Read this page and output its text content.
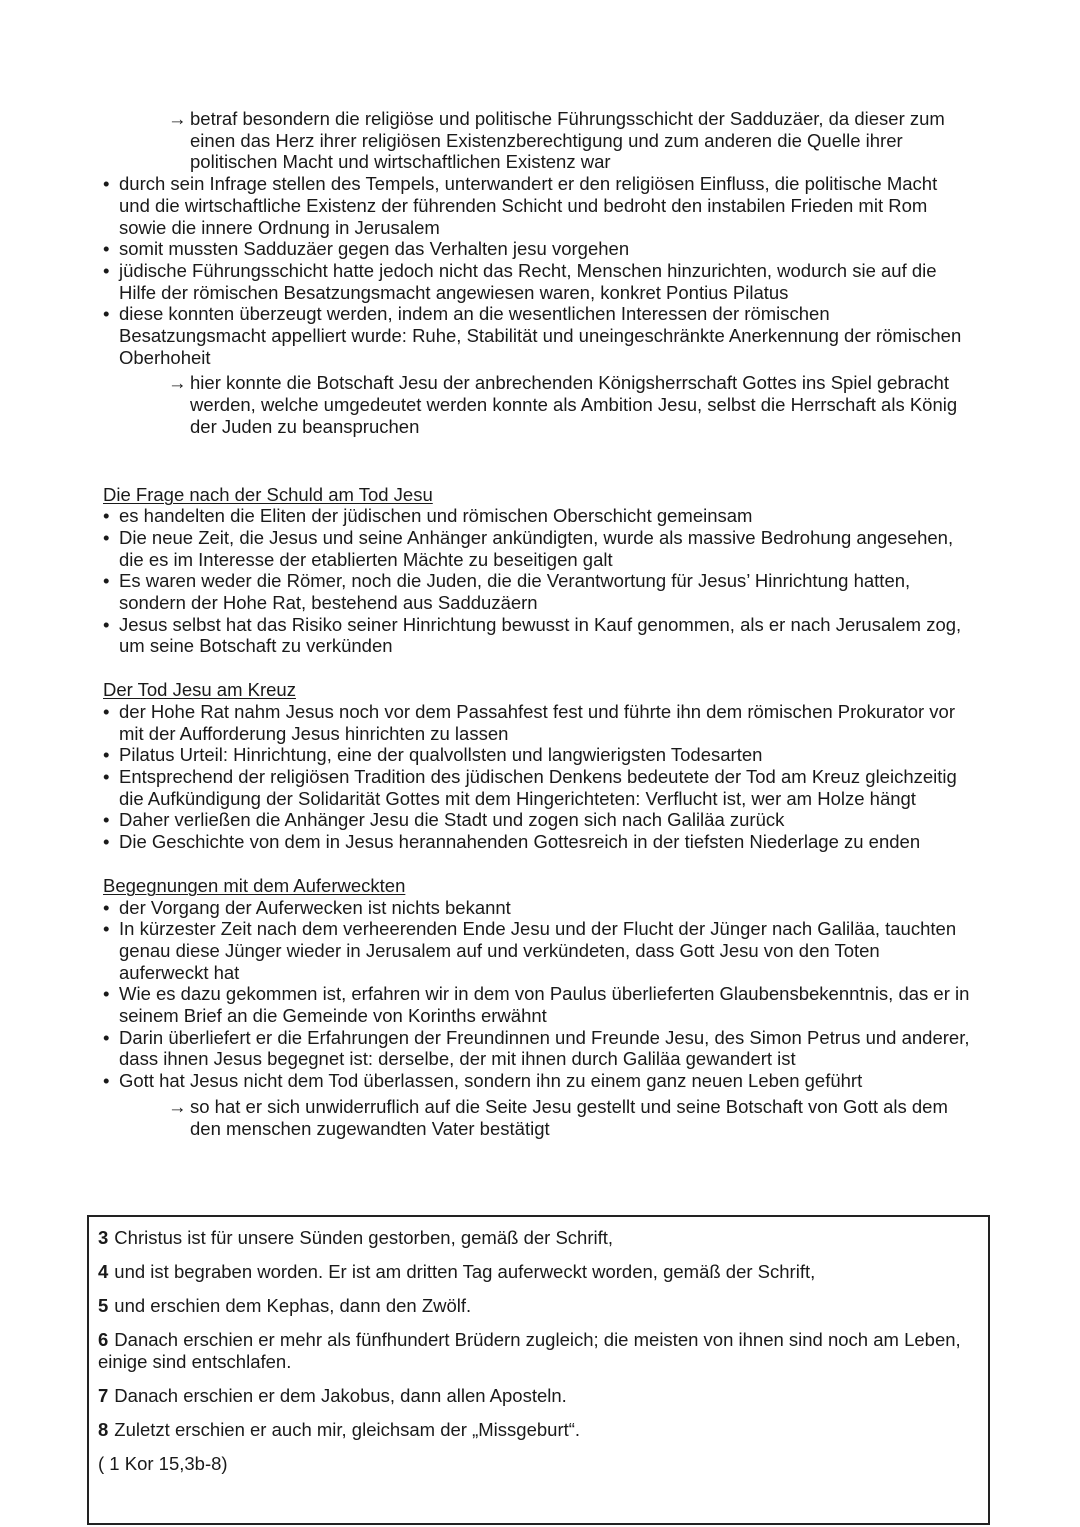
→ betraf besondern die religiöse und politische Führungsschicht der Sadduzäer, da dieser zum einen das Herz ihrer religiösen Existenzberechtigung und zum anderen die Quelle ihrer politischen Macht und wirtschaftlichen Existenz war
• durch sein Infrage stellen des Tempels, unterwandert er den religiösen Einfluss, die politische Macht und die wirtschaftliche Existenz der führenden Schicht und bedroht den instabilen Frieden mit Rom sowie die innere Ordnung in Jerusalem
• somit mussten Sadduzäer gegen das Verhalten jesu vorgehen
• jüdische Führungsschicht hatte jedoch nicht das Recht, Menschen hinzurichten, wodurch sie auf die Hilfe der römischen Besatzungsmacht angewiesen waren, konkret Pontius Pilatus
• diese konnten überzeugt werden, indem an die wesentlichen Interessen der römischen Besatzungsmacht appelliert wurde: Ruhe, Stabilität und uneingeschränkte Anerkennung der römischen Oberhoheit
→ hier konnte die Botschaft Jesu der anbrechenden Königsherrschaft Gottes ins Spiel gebracht werden, welche umgedeutet werden konnte als Ambition Jesu, selbst die Herrschaft als König der Juden zu beanspruchen
Die Frage nach der Schuld am Tod Jesu
• es handelten die Eliten der jüdischen und römischen Oberschicht gemeinsam
• Die neue Zeit, die Jesus und seine Anhänger ankündigten, wurde als massive Bedrohung angesehen, die es im Interesse der etablierten Mächte zu beseitigen galt
• Es waren weder die Römer, noch die Juden, die die Verantwortung für Jesus’ Hinrichtung hatten, sondern der Hohe Rat, bestehend aus Sadduzäern
• Jesus selbst hat das Risiko seiner Hinrichtung bewusst in Kauf genommen, als er nach Jerusalem zog, um seine Botschaft zu verkünden
Der Tod Jesu am Kreuz
• der Hohe Rat nahm Jesus noch vor dem Passahfest fest und führte ihn dem römischen Prokurator vor mit der Aufforderung Jesus hinrichten zu lassen
• Pilatus Urteil: Hinrichtung, eine der qualvollsten und langwierigsten Todesarten
• Entsprechend der religiösen Tradition des jüdischen Denkens bedeutete der Tod am Kreuz gleichzeitig die Aufkündigung der Solidarität Gottes mit dem Hingerichteten: Verflucht ist, wer am Holze hängt
• Daher verließen die Anhänger Jesu die Stadt und zogen sich nach Galiläa zurück
• Die Geschichte von dem in Jesus herannahenden Gottesreich in der tiefsten Niederlage zu enden
Begegnungen mit dem Auferweckten
• der Vorgang der Auferwecken ist nichts bekannt
• In kürzester Zeit nach dem verheerenden Ende Jesu und der Flucht der Jünger nach Galiläa, tauchten genau diese Jünger wieder in Jerusalem auf und verkündeten, dass Gott Jesu von den Toten auferweckt hat
• Wie es dazu gekommen ist, erfahren wir in dem von Paulus überlieferten Glaubensbekenntnis, das er in seinem Brief an die Gemeinde von Korinths erwähnt
• Darin überliefert er die Erfahrungen der Freundinnen und Freunde Jesu, des Simon Petrus und anderer, dass ihnen Jesus begegnet ist: derselbe, der mit ihnen durch Galiläa gewandert ist
• Gott hat Jesus nicht dem Tod überlassen, sondern ihn zu einem ganz neuen Leben geführt
→ so hat er sich unwiderruflich auf die Seite Jesu gestellt und seine Botschaft von Gott als dem den menschen zugewandten Vater bestätigt
3 Christus ist für unsere Sünden gestorben, gemäß der Schrift,
4 und ist begraben worden. Er ist am dritten Tag auferweckt worden, gemäß der Schrift,
5 und erschien dem Kephas, dann den Zwölf.
6 Danach erschien er mehr als fünfhundert Brüdern zugleich; die meisten von ihnen sind noch am Leben, einige sind entschlafen.
7 Danach erschien er dem Jakobus, dann allen Aposteln.
8 Zuletzt erschien er auch mir, gleichsam der „Missgeburt“.
( 1 Kor 15,3b-8)
